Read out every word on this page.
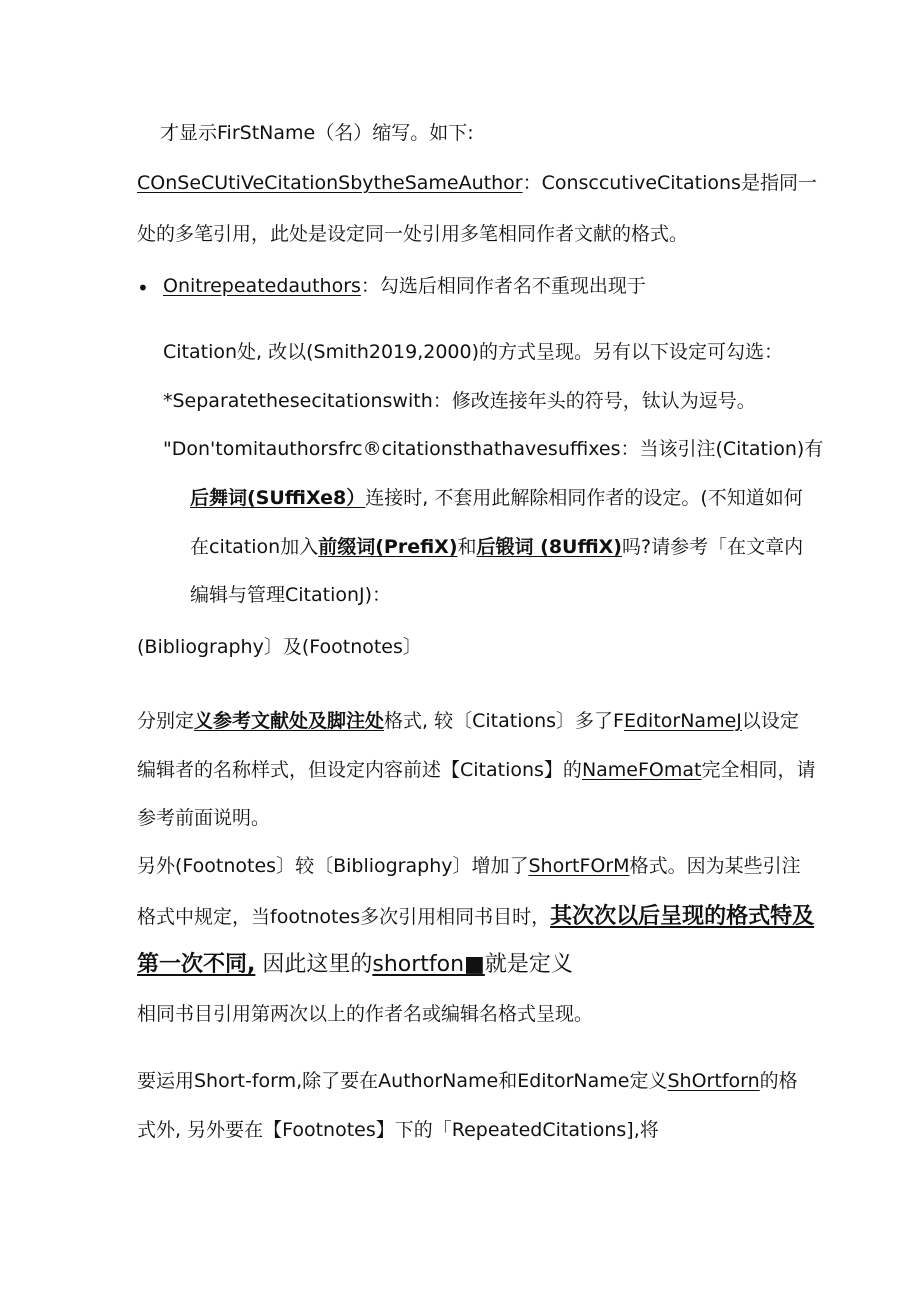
才显示FirStName（名）缩写。如下:
COnSeCUtiVeCitationSbytheSameAuthor：ConsccutiveCitations是指同一
处的多笔引用，此处是设定同一处引用多笔相同作者文献的格式。
• Onitrepeatedauthors：勾选后相同作者名不重现出现于
Citation处, 改以(Smith2019,2000)的方式呈现。另有以下设定可勾选：
*Separatethesecitationswith：修改连接年头的符号，钛认为逗号。
"Don'tomitauthorsfrc®citationsthathavesuffixes：当该引注(Citation)有
后舞词(SUffiXe8）连接时, 不套用此解除相同作者的设定。(不知道如何
在citation加入前缀词(PrefiX)和后锻词 (8UffiX)吗?请参考「在文章内
编辑与管理CitationJ)：
(Bibliography〕及(Footnotes〕
分别定义参考文献处及脚注处格式, 较〔Citations〕多了FEditorNameJ以设定
编辑者的名称样式，但设定内容前述【Citations】的NameFOmat完全相同，请
参考前面说明。
另外(Footnotes〕较〔Bibliography〕增加了ShortFOrM格式。因为某些引注
格式中规定，当footnotes多次引用相同书目时，其次次以后呈现的格式特及
第一次不同, 因此这里的shortfon■就是定义
相同书目引用第两次以上的作者名或编辑名格式呈现。
要运用Short-form,除了要在AuthorName和EditorName定义ShOrtforn的格
式外, 另外要在【Footnotes】下的「RepeatedCitations],将
